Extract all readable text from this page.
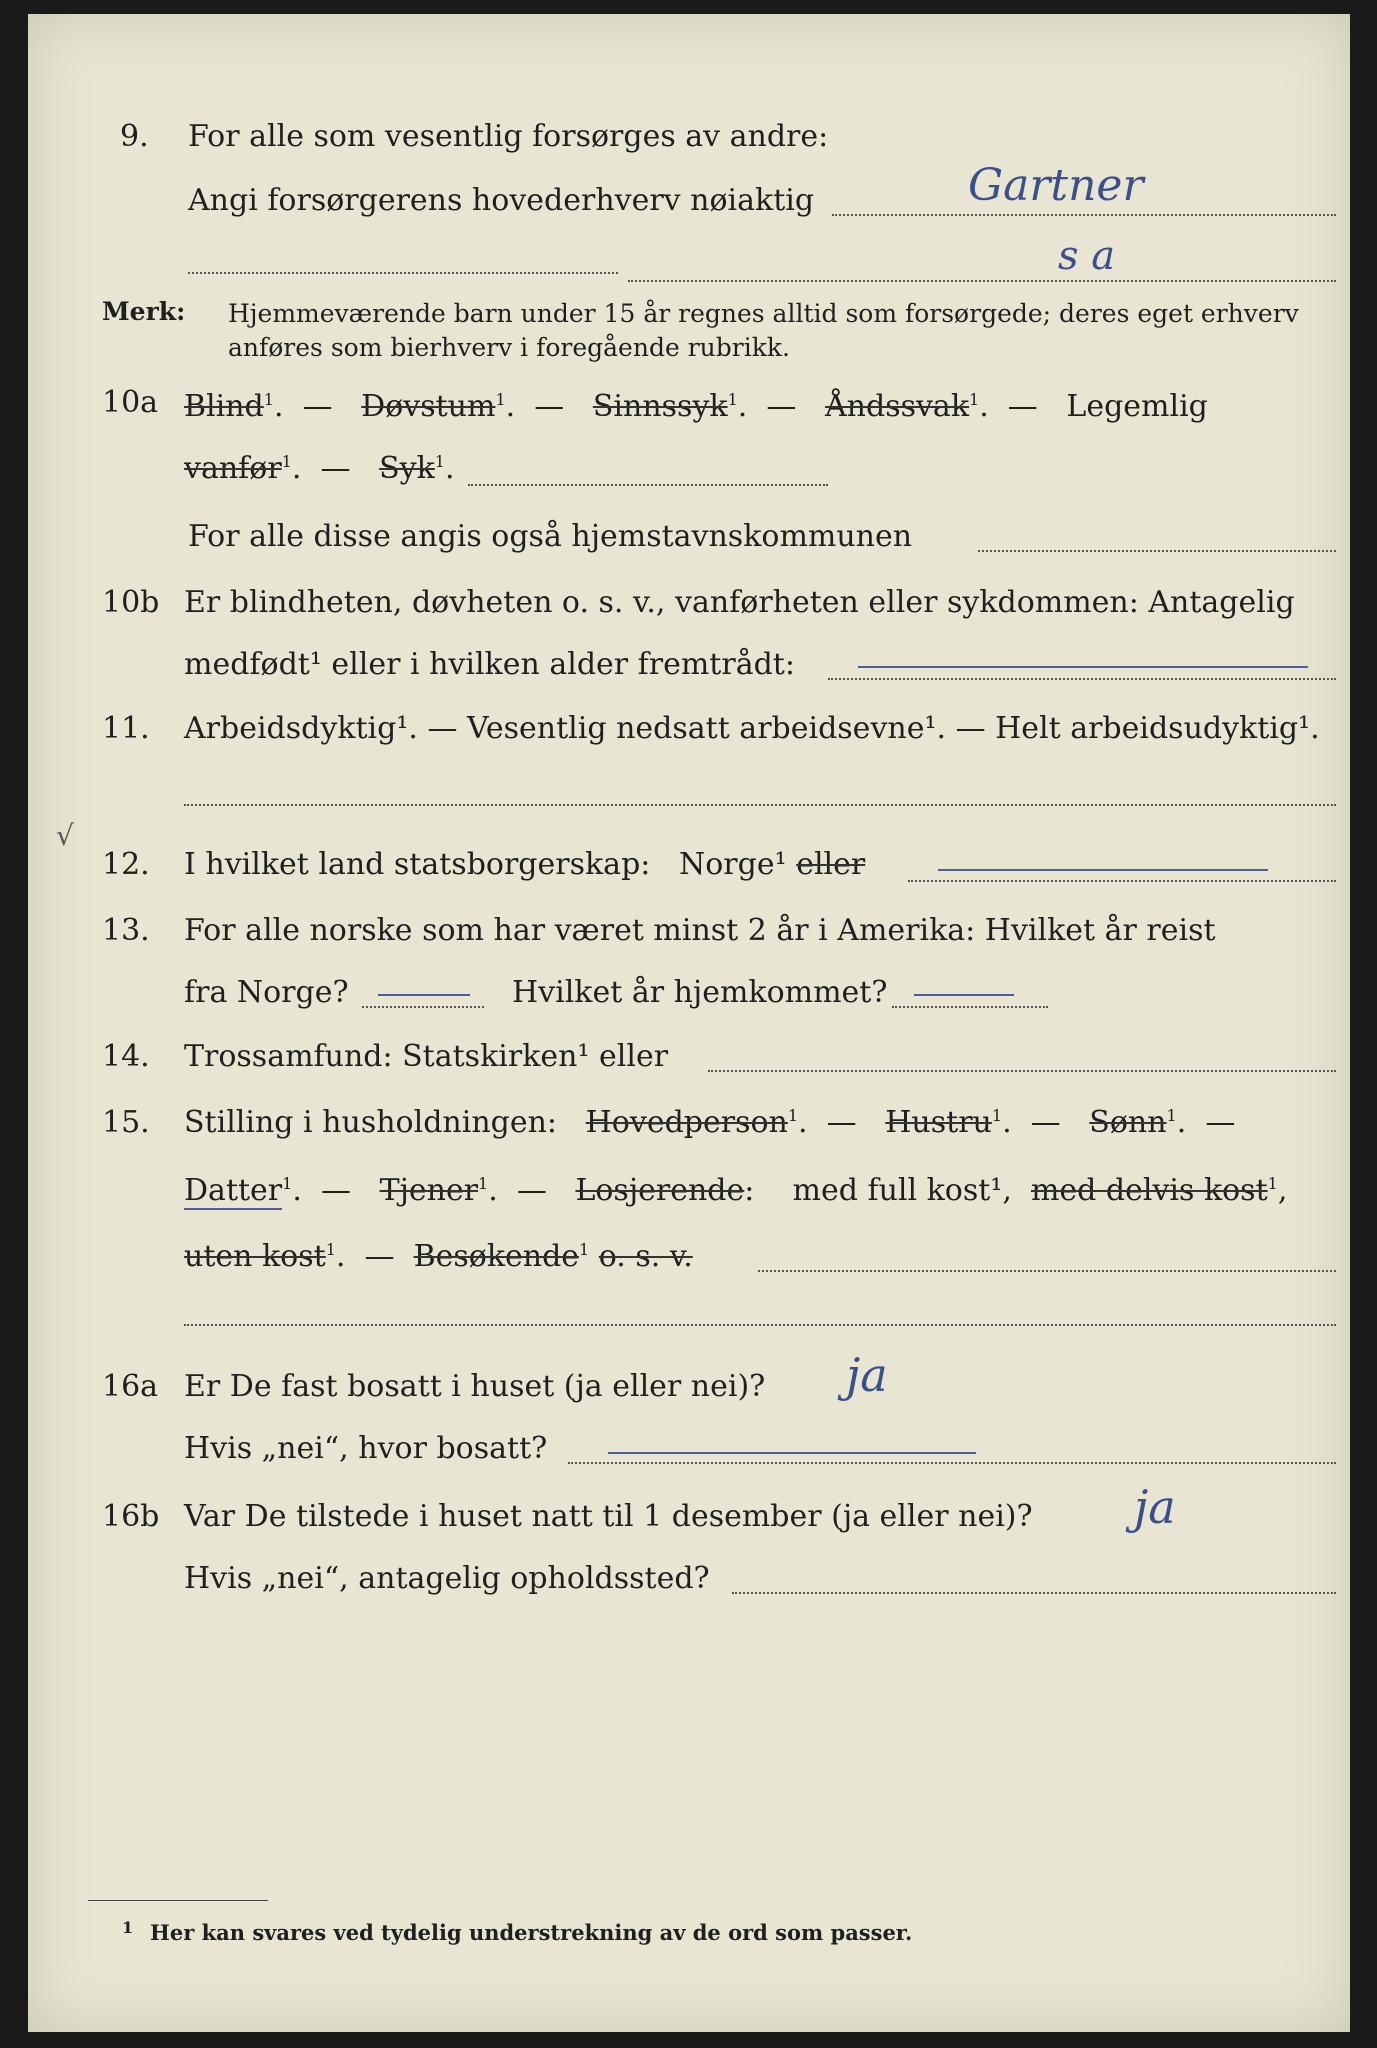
9. For alle som vesentlig forsørges av andre:
Angi forsørgerens hovederhverv nøiaktig	Gartner
s a
Merk: Hjemmeværende barn under 15 år regnes alltid som forsørgede; deres eget erhverv
anføres som bierhverv i foregående rubrikk.
10a Blind$^1$.  —   Døvstum$^1$.  —   Sinnssyk$^1$.  —   Åndssvak$^1$.  —   Legemlig
vanfør$^1$.  —   Syk$^1$.
For alle disse angis også hjemstavnskommunen
10b Er blindheten, døvheten o. s. v., vanførheten eller sykdommen: Antagelig
medfødt¹ eller i hvilken alder fremtrådt:
11. Arbeidsdyktig¹. — Vesentlig nedsatt arbeidsevne¹. — Helt arbeidsudyktig¹.
√
12. I hvilket land statsborgerskap: Norge¹ eller
13. For alle norske som har været minst 2 år i Amerika: Hvilket år reist
fra Norge?	Hvilket år hjemkommet?
14. Trossamfund: Statskirken¹ eller
15. Stilling i husholdningen: Hovedperson$^1$.  —   Hustru$^1$.  —   Sønn$^1$.  —
Datter$^1$.  —   Tjener$^1$.  —   Losjerende:    med full kost¹, med delvis kost$^1$,
uten kost$^1$.  —  Besøkende$^1$ o. s. v.
16a Er De fast bosatt i huset (ja eller nei)? ja
Hvis „nei“, hvor bosatt?
16b Var De tilstede i huset natt til 1 desember (ja eller nei)? ja
Hvis „nei“, antagelig opholdssted?
1 Her kan svares ved tydelig understrekning av de ord som passer.
